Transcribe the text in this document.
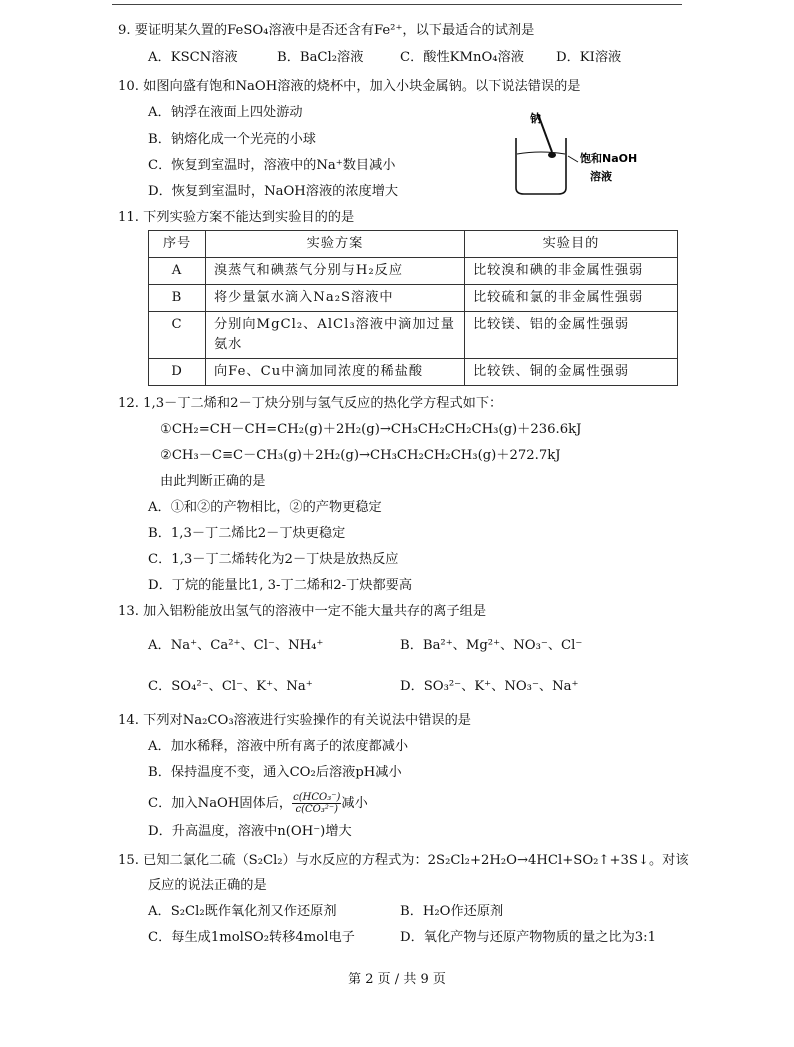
9. 要证明某久置的FeSO₄溶液中是否还含有Fe²⁺，以下最适合的试剂是
A．KSCN溶液	B．BaCl₂溶液	C．酸性KMnO₄溶液 D．KI溶液
10. 如图向盛有饱和NaOH溶液的烧杯中，加入小块金属钠。以下说法错误的是
A．钠浮在液面上四处游动
B．钠熔化成一个光亮的小球
C．恢复到室温时，溶液中的Na⁺数目减小
D．恢复到室温时，NaOH溶液的浓度增大
钠
饱和NaOH
溶液
11. 下列实验方案不能达到实验目的的是
序号	实验方案	实验目的
A	溴蒸气和碘蒸气分别与H₂反应	比较溴和碘的非金属性强弱
B	将少量氯水滴入Na₂S溶液中	比较硫和氯的非金属性强弱
C	分别向MgCl₂、AlCl₃溶液中滴加过量氨水	比较镁、铝的金属性强弱
D	向Fe、Cu中滴加同浓度的稀盐酸	比较铁、铜的金属性强弱
12. 1,3－丁二烯和2－丁炔分别与氢气反应的热化学方程式如下：
①CH₂=CH－CH=CH₂(g)＋2H₂(g)→CH₃CH₂CH₂CH₃(g)＋236.6kJ
②CH₃－C≡C－CH₃(g)＋2H₂(g)→CH₃CH₂CH₂CH₃(g)＋272.7kJ
由此判断正确的是
A．①和②的产物相比，②的产物更稳定
B．1,3－丁二烯比2－丁炔更稳定
C．1,3－丁二烯转化为2－丁炔是放热反应
D．丁烷的能量比1, 3-丁二烯和2-丁炔都要高
13. 加入铝粉能放出氢气的溶液中一定不能大量共存的离子组是
A．Na⁺、Ca²⁺、Cl⁻、NH₄⁺	B．Ba²⁺、Mg²⁺、NO₃⁻、Cl⁻
C．SO₄²⁻、Cl⁻、K⁺、Na⁺	D．SO₃²⁻、K⁺、NO₃⁻、Na⁺
14. 下列对Na₂CO₃溶液进行实验操作的有关说法中错误的是
A．加水稀释，溶液中所有离子的浓度都减小
B．保持温度不变，通入CO₂后溶液pH减小
C．加入NaOH固体后， $\frac{\text{c(HCO₃⁻)}}{\text{c(CO₃²⁻)}}$ 减小
D．升高温度，溶液中n(OH⁻)增大
15. 已知二氯化二硫（S₂Cl₂）与水反应的方程式为：2S₂Cl₂+2H₂O→4HCl+SO₂↑+3S↓。对该
反应的说法正确的是
A．S₂Cl₂既作氧化剂又作还原剂	B．H₂O作还原剂
C．每生成1molSO₂转移4mol电子	D．氧化产物与还原产物物质的量之比为3:1
第 2 页 / 共 9 页
